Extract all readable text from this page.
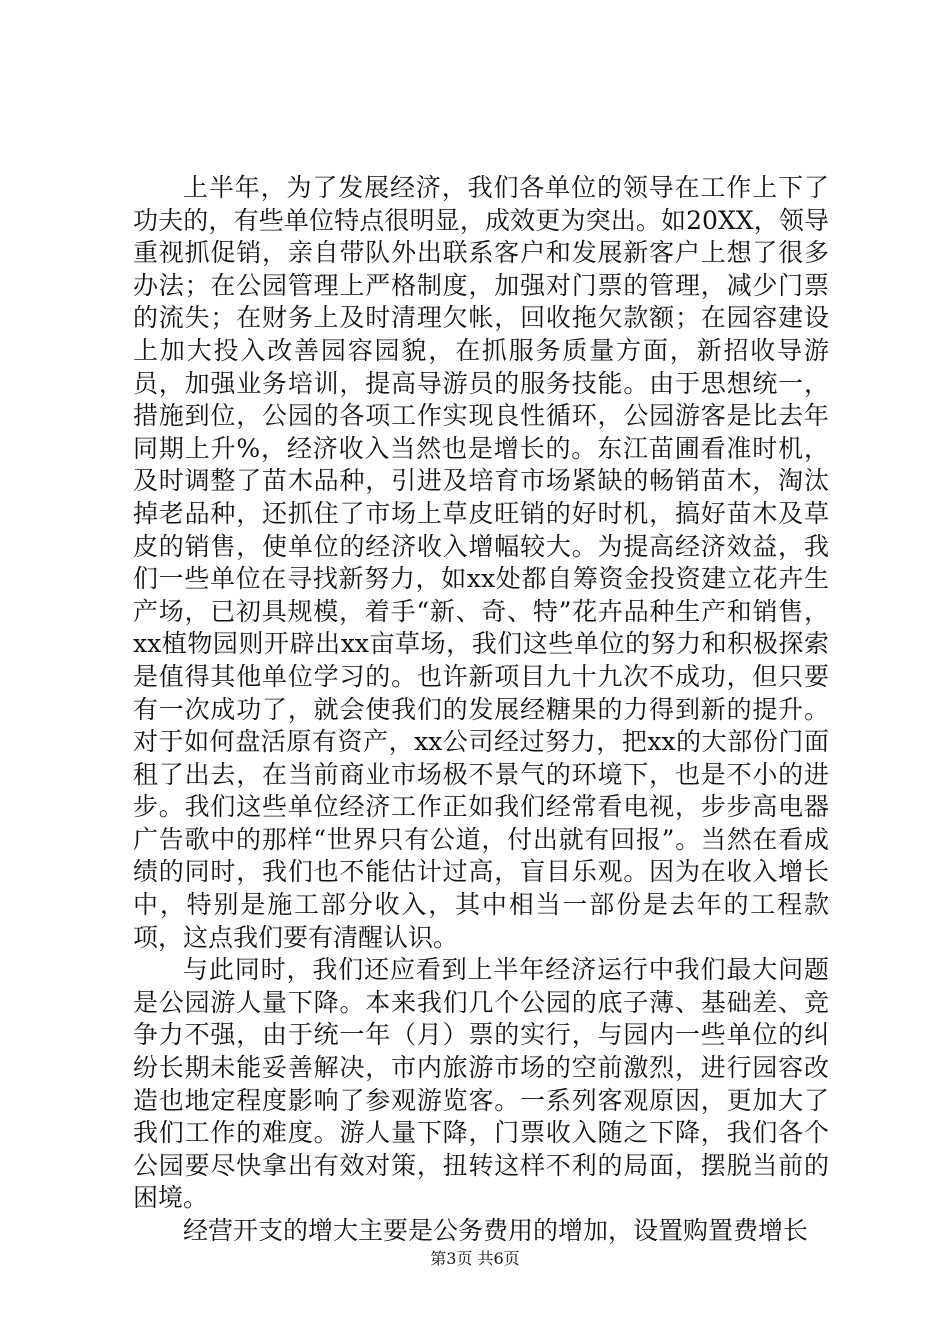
上半年，为了发展经济，我们各单位的领导在工作上下了功夫的，有些单位特点很明显，成效更为突出。如20XX，领导重视抓促销，亲自带队外出联系客户和发展新客户上想了很多办法；在公园管理上严格制度，加强对门票的管理，减少门票的流失；在财务上及时清理欠帐，回收拖欠款额；在园容建设上加大投入改善园容园貌，在抓服务质量方面，新招收导游员，加强业务培训，提高导游员的服务技能。由于思想统一，措施到位，公园的各项工作实现良性循环，公园游客是比去年同期上升%，经济收入当然也是增长的。东江苗圃看准时机，及时调整了苗木品种，引进及培育市场紧缺的畅销苗木，淘汰掉老品种，还抓住了市场上草皮旺销的好时机，搞好苗木及草皮的销售，使单位的经济收入增幅较大。为提高经济效益，我们一些单位在寻找新努力，如xx处都自筹资金投资建立花卉生产场，已初具规模，着手“新、奇、特”花卉品种生产和销售，xx植物园则开辟出xx亩草场，我们这些单位的努力和积极探索是值得其他单位学习的。也许新项目九十九次不成功，但只要有一次成功了，就会使我们的发展经糖果的力得到新的提升。对于如何盘活原有资产，xx公司经过努力，把xx的大部份门面租了出去，在当前商业市场极不景气的环境下，也是不小的进步。我们这些单位经济工作正如我们经常看电视，步步高电器广告歌中的那样“世界只有公道，付出就有回报”。当然在看成绩的同时，我们也不能估计过高，盲目乐观。因为在收入增长中，特别是施工部分收入，其中相当一部份是去年的工程款项，这点我们要有清醒认识。

与此同时，我们还应看到上半年经济运行中我们最大问题是公园游人量下降。本来我们几个公园的底子薄、基础差、竞争力不强，由于统一年（月）票的实行，与园内一些单位的纠纷长期未能妥善解决，市内旅游市场的空前激烈，进行园容改造也地定程度影响了参观游览客。一系列客观原因，更加大了我们工作的难度。游人量下降，门票收入随之下降，我们各个公园要尽快拿出有效对策，扭转这样不利的局面，摆脱当前的困境。

经营开支的增大主要是公务费用的增加，设置购置费增长

第3页 共6页
